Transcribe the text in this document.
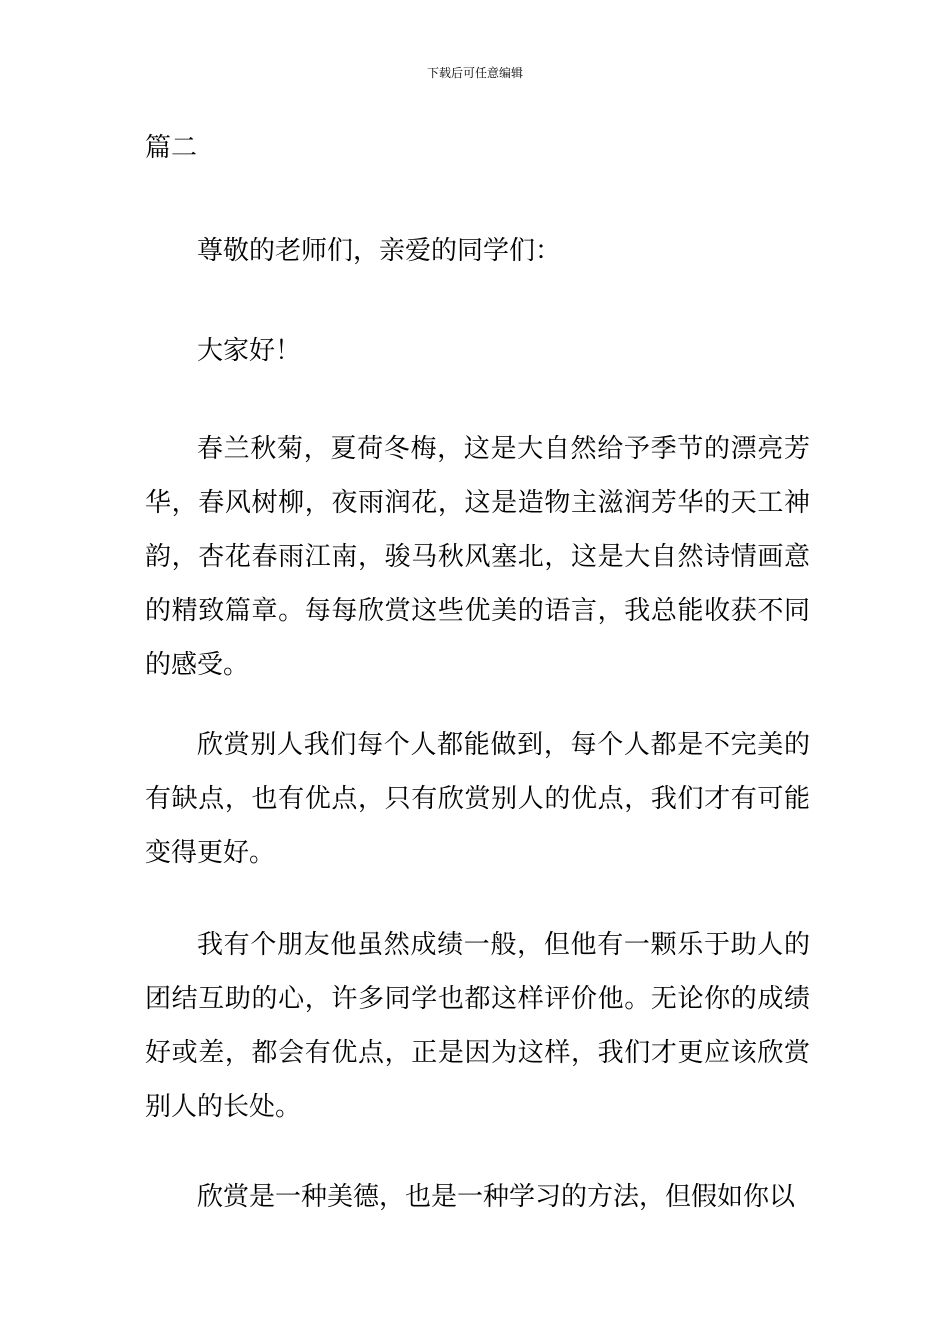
下载后可任意编辑
篇二

尊敬的老师们，亲爱的同学们：

大家好！

春兰秋菊，夏荷冬梅，这是大自然给予季节的漂亮芳华，春风树柳，夜雨润花，这是造物主滋润芳华的天工神韵，杏花春雨江南，骏马秋风塞北，这是大自然诗情画意的精致篇章。每每欣赏这些优美的语言，我总能收获不同的感受。

欣赏别人我们每个人都能做到，每个人都是不完美的有缺点，也有优点，只有欣赏别人的优点，我们才有可能变得更好。

我有个朋友他虽然成绩一般，但他有一颗乐于助人的团结互助的心，许多同学也都这样评价他。无论你的成绩好或差，都会有优点，正是因为这样，我们才更应该欣赏别人的长处。

欣赏是一种美德，也是一种学习的方法，但假如你以
